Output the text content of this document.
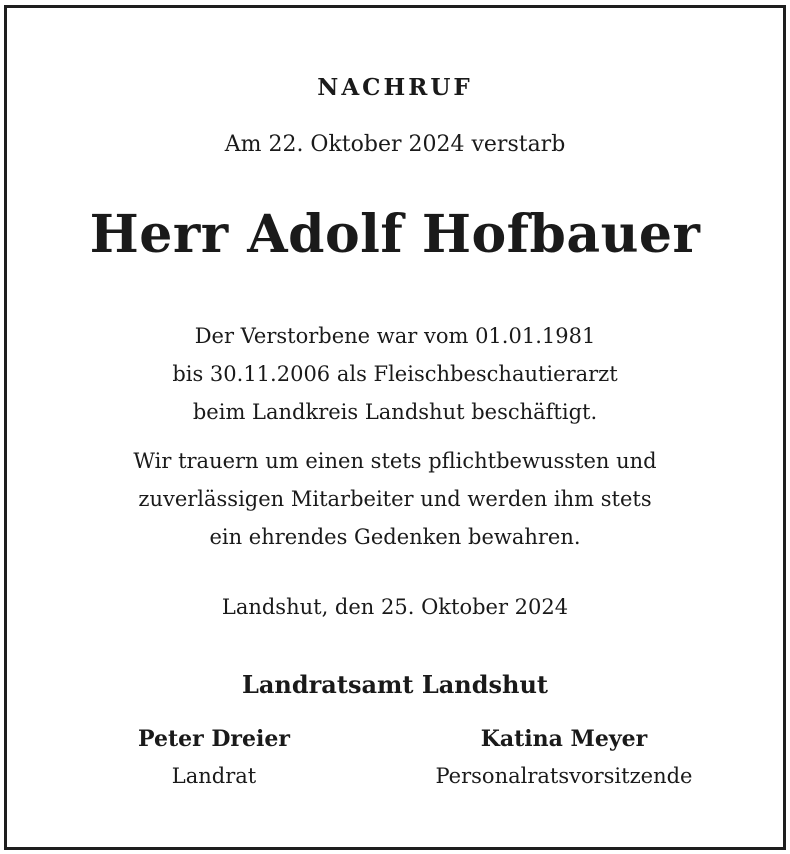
NACHRUF
Am 22. Oktober 2024 verstarb
Herr Adolf Hofbauer
Der Verstorbene war vom 01.01.1981
bis 30.11.2006 als Fleischbeschautierarzt
beim Landkreis Landshut beschäftigt.
Wir trauern um einen stets pflichtbewussten und
zuverlässigen Mitarbeiter und werden ihm stets
ein ehrendes Gedenken bewahren.
Landshut, den 25. Oktober 2024
Landratsamt Landshut
Peter Dreier
Landrat
Katina Meyer
Personalratsvorsitzende
